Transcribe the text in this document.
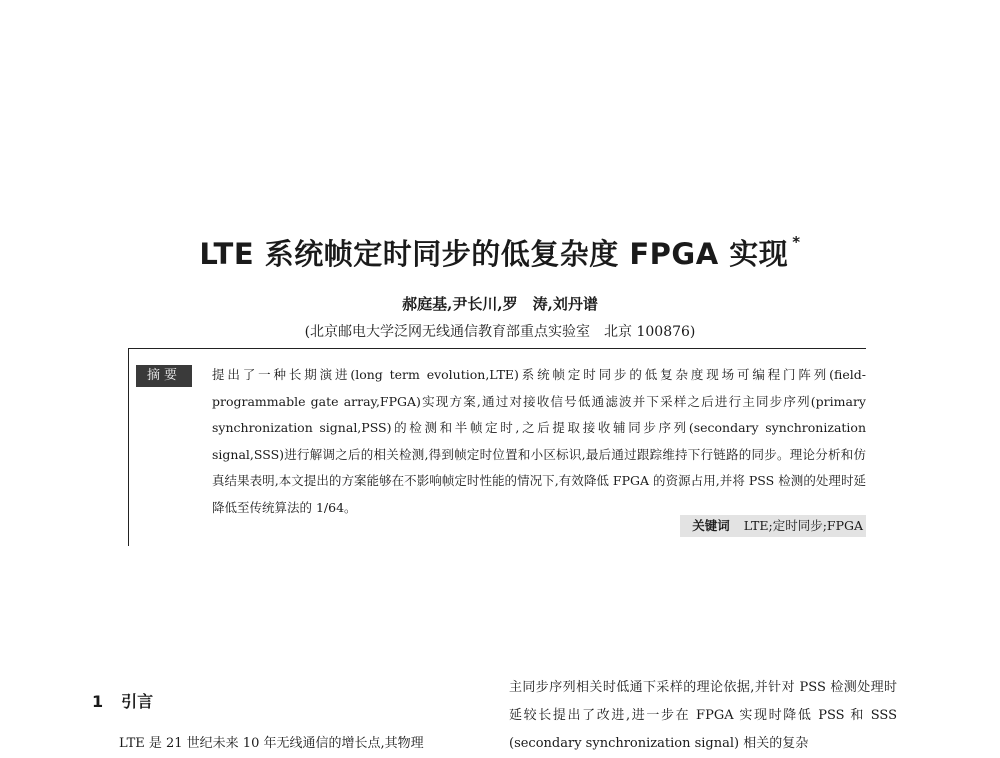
LTE 系统帧定时同步的低复杂度 FPGA 实现 *
郝庭基,尹长川,罗　涛,刘丹谱
(北京邮电大学泛网无线通信教育部重点实验室　北京 100876)
摘要	提出了一种长期演进(long term evolution,LTE)系统帧定时同步的低复杂度现场可编程门阵列(field-programmable gate array,FPGA)实现方案,通过对接收信号低通滤波并下采样之后进行主同步序列(primary synchronization signal,PSS)的检测和半帧定时,之后提取接收辅同步序列(secondary synchronization signal,SSS)进行解调之后的相关检测,得到帧定时位置和小区标识,最后通过跟踪维持下行链路的同步。理论分析和仿真结果表明,本文提出的方案能够在不影响帧定时性能的情况下,有效降低 FPGA 的资源占用,并将 PSS 检测的处理时延降低至传统算法的 1/64。
关键词 LTE;定时同步;FPGA
1 引言
LTE 是 21 世纪未来 10 年无线通信的增长点,其物理
主同步序列相关时低通下采样的理论依据,并针对 PSS 检测处理时延较长提出了改进,进一步在 FPGA 实现时降低 PSS 和 SSS (secondary synchronization signal) 相关的复杂
